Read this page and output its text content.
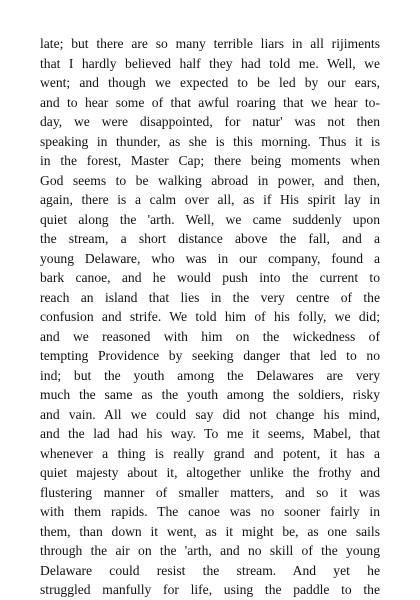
late; but there are so many terrible liars in all rijiments
that I hardly believed half they had told me. Well, we
went; and though we expected to be led by our ears,
and to hear some of that awful roaring that we hear to-
day, we were disappointed, for natur' was not then
speaking in thunder, as she is this morning. Thus it is
in the forest, Master Cap; there being moments when
God seems to be walking abroad in power, and then,
again, there is a calm over all, as if His spirit lay in
quiet along the 'arth. Well, we came suddenly upon
the stream, a short distance above the fall, and a
young Delaware, who was in our company, found a
bark canoe, and he would push into the current to
reach an island that lies in the very centre of the
confusion and strife. We told him of his folly, we did;
and we reasoned with him on the wickedness of
tempting Providence by seeking danger that led to no
ind; but the youth among the Delawares are very
much the same as the youth among the soldiers, risky
and vain. All we could say did not change his mind,
and the lad had his way. To me it seems, Mabel, that
whenever a thing is really grand and potent, it has a
quiet majesty about it, altogether unlike the frothy and
flustering manner of smaller matters, and so it was
with them rapids. The canoe was no sooner fairly in
them, than down it went, as it might be, as one sails
through the air on the 'arth, and no skill of the young
Delaware could resist the stream. And yet he
struggled manfully for life, using the paddle to the
